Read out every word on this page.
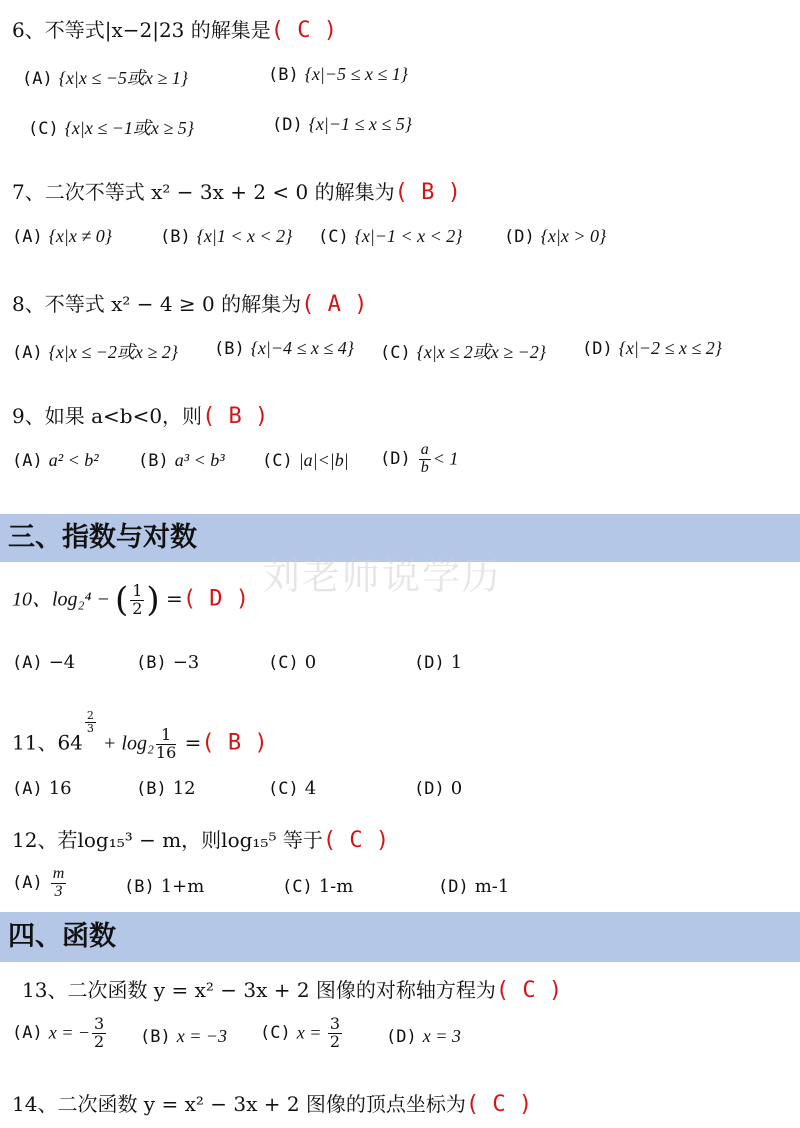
6、不等式|x−2|23 的解集是( C )
(A) {x|x ≤ −5或x ≥ 1}	(B) {x|−5 ≤ x ≤ 1}
(C) {x|x ≤ −1或x ≥ 5}	(D) {x|−1 ≤ x ≤ 5}
7、二次不等式 x² − 3x + 2 < 0 的解集为( B )
(A) {x|x ≠ 0}	(B) {x|1 < x < 2} (C) {x|−1 < x < 2} (D) {x|x > 0}
8、不等式 x² − 4 ≥ 0 的解集为( A )
(A) {x|x ≤ −2或x ≥ 2} (B) {x|−4 ≤ x ≤ 4} (C) {x|x ≤ 2或x ≥ −2} (D) {x|−2 ≤ x ≤ 2}
9、如果 a<b<0，则( B )
(A) a² < b² (B) a³ < b³ (C) |a|<|b| $(D) \frac{a}{b} < 1$
三、指数与对数
刘老师说学历
10、log₂⁴ − ( $\frac{1}{2}$ ) =( D )
(A) −4	(B) −3	(C) 0	(D) 1
11、64
$^{\frac{2}{3}}$
+ $\log_2 \frac{1}{16}$ =( B )
(A) 16	(B) 12	(C) 4	(D) 0
12、若log₁₅³ − m，则log₁₅⁵ 等于( C )
$(A) \frac{m}{3}$	(B) 1+m	(C) 1-m	(D) m-1
四、函数
13、二次函数 y = x² − 3x + 2 图像的对称轴方程为( C )
(A) x = − $\frac{3}{2} (B) x = -3$ (C) $x = \frac{3}{2}$	(D) x = 3
14、二次函数 y = x² − 3x + 2 图像的顶点坐标为( C )
